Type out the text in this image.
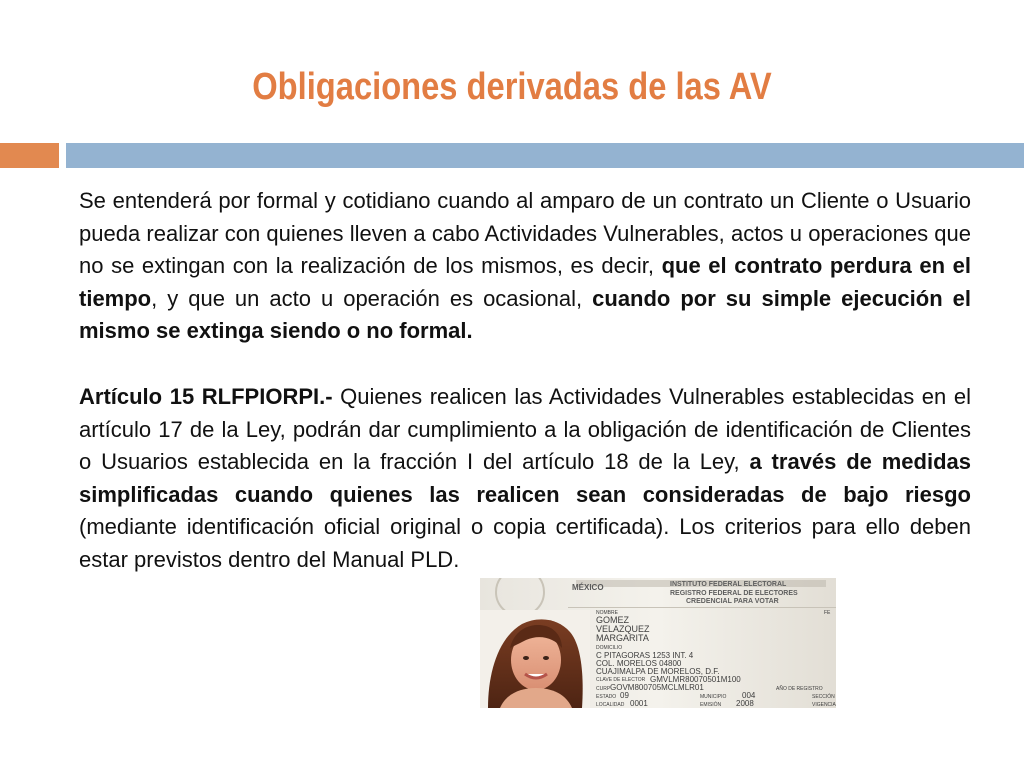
Obligaciones derivadas de las AV

Se entenderá por formal y cotidiano cuando al amparo de un contrato un Cliente o Usuario pueda realizar con quienes lleven a cabo Actividades Vulnerables, actos u operaciones que no se extingan con la realización de los mismos, es decir, que el contrato perdura en el tiempo, y que un acto u operación es ocasional, cuando por su simple ejecución el mismo se extinga siendo o no formal.

Artículo 15 RLFPIORPI.- Quienes realicen las Actividades Vulnerables establecidas en el artículo 17 de la Ley, podrán dar cumplimiento a la obligación de identificación de Clientes o Usuarios establecida en la fracción I del artículo 18 de la Ley, a través de medidas simplificadas cuando quienes las realicen sean consideradas de bajo riesgo (mediante identificación oficial original o copia certificada). Los criterios para ello deben estar previstos dentro del Manual PLD.

MÉXICO	INSTITUTO FEDERAL ELECTORAL
REGISTRO FEDERAL DE ELECTORES
CREDENCIAL PARA VOTAR
NOMBRE
GOMEZ
VELAZQUEZ
MARGARITA
DOMICILIO
C PITAGORAS 1253 INT. 4
COL. MORELOS 04800
CUAJIMALPA DE MORELOS, D.F.
CLAVE DE ELECTOR GMVLMR80070501M100
CURP GOVM800705MCLMLR01
ESTADO 09	MUNICIPIO 004
LOCALIDAD 0001	EMISIÓN 2008
AÑO DE REGISTRO
SECCIÓN
VIGENCIA
FE
